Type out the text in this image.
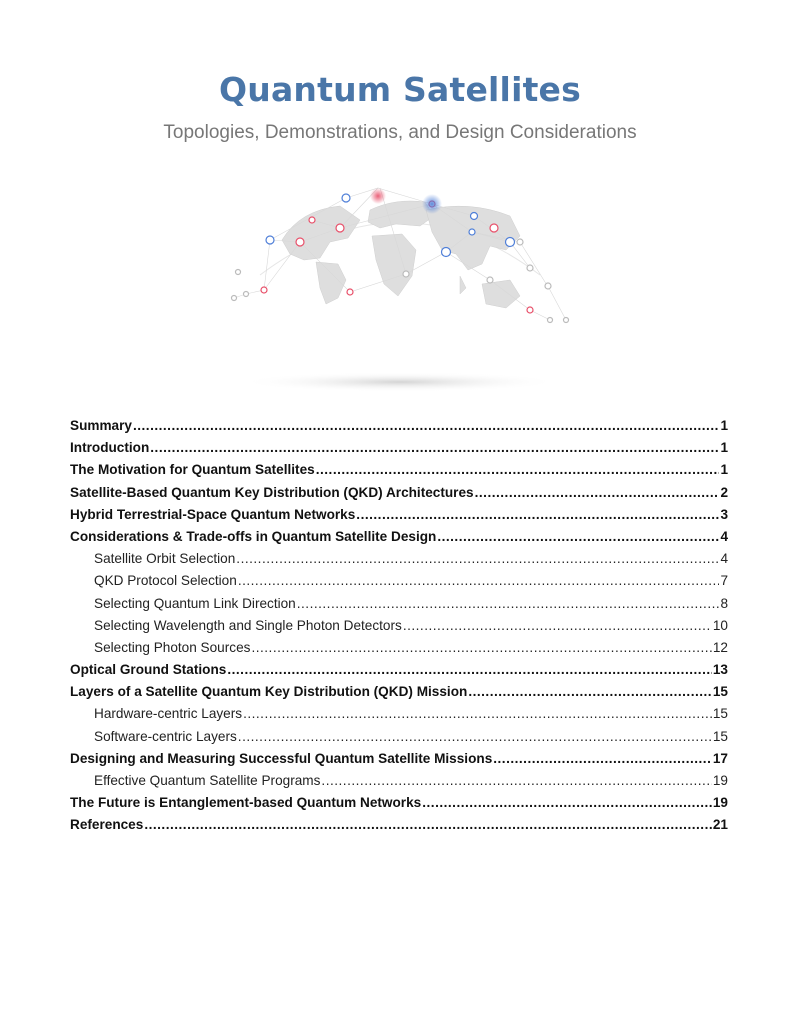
Quantum Satellites
Topologies, Demonstrations, and Design Considerations
Summary .....	1
Introduction .....	1
The Motivation for Quantum Satellites .....	1
Satellite-Based Quantum Key Distribution (QKD) Architectures .....	2
Hybrid Terrestrial-Space Quantum Networks .....	3
Considerations & Trade-offs in Quantum Satellite Design .....	4
Satellite Orbit Selection .....	4
QKD Protocol Selection .....	7
Selecting Quantum Link Direction .....	8
Selecting Wavelength and Single Photon Detectors .....	10
Selecting Photon Sources .....	12
Optical Ground Stations .....	13
Layers of a Satellite Quantum Key Distribution (QKD) Mission .....	15
Hardware-centric Layers .....	15
Software-centric Layers .....	15
Designing and Measuring Successful Quantum Satellite Missions .....	17
Effective Quantum Satellite Programs .....	19
The Future is Entanglement-based Quantum Networks .....	19
References .....	21
